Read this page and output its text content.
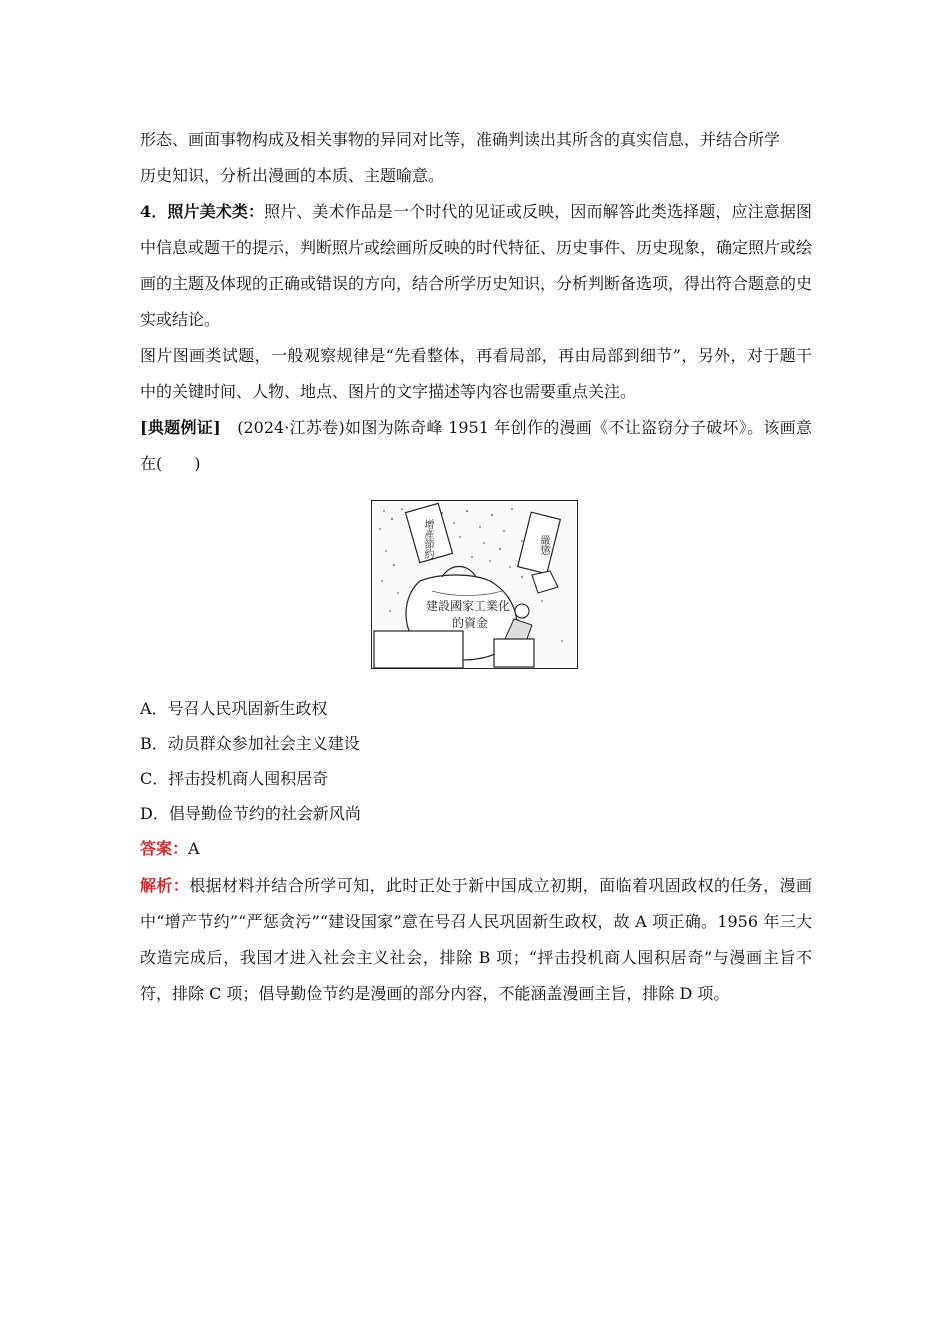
形态、画面事物构成及相关事物的异同对比等，准确判读出其所含的真实信息，并结合所学
历史知识，分析出漫画的本质、主题喻意。

4．照片美术类：照片、美术作品是一个时代的见证或反映，因而解答此类选择题，应注意据图中信息或题干的提示，判断照片或绘画所反映的时代特征、历史事件、历史现象，确定照片或绘画的主题及体现的正确或错误的方向，结合所学历史知识，分析判断备选项，得出符合题意的史实或结论。

图片图画类试题，一般观察规律是“先看整体，再看局部，再由局部到细节”，另外，对于题干中的关键时间、人物、地点、图片的文字描述等内容也需要重点关注。

[典题例证]　(2024·江苏卷)如图为陈奇峰 1951 年创作的漫画《不让盗窃分子破坏》。该画意在(　　)

建設國家工業化
的資金
增產節約	嚴懲
A．号召人民巩固新生政权
B．动员群众参加社会主义建设
C．抨击投机商人囤积居奇
D．倡导勤俭节约的社会新风尚
答案：A

解析：根据材料并结合所学可知，此时正处于新中国成立初期，面临着巩固政权的任务，漫画中“增产节约”“严惩贪污”“建设国家”意在号召人民巩固新生政权，故 A 项正确。1956 年三大改造完成后，我国才进入社会主义社会，排除 B 项；“抨击投机商人囤积居奇”与漫画主旨不符，排除 C 项；倡导勤俭节约是漫画的部分内容，不能涵盖漫画主旨，排除 D 项。
